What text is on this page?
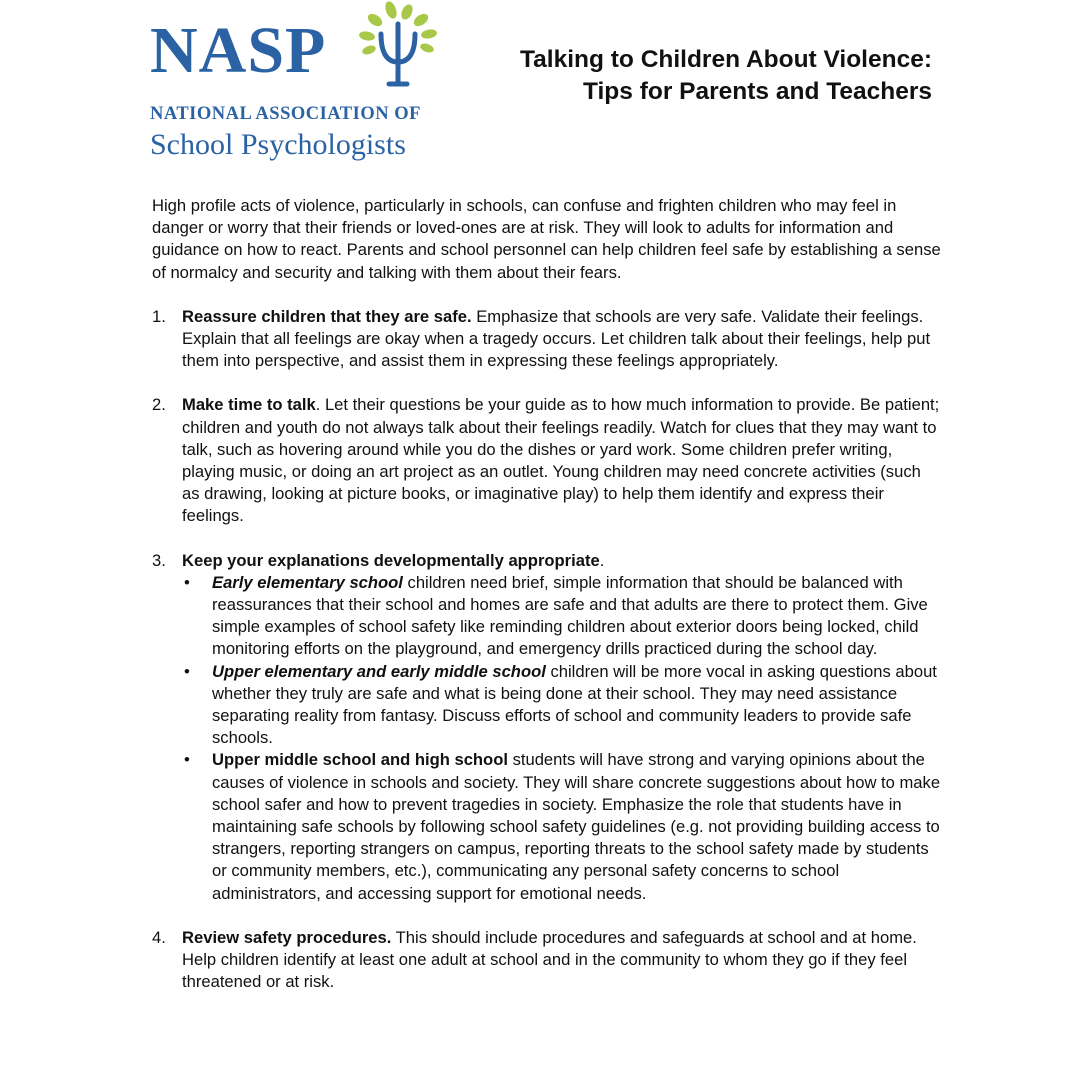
NASP
NATIONAL ASSOCIATION OF
School Psychologists
Talking to Children About Violence:
Tips for Parents and Teachers

High profile acts of violence, particularly in schools, can confuse and frighten children who may feel in danger or worry that their friends or loved-ones are at risk. They will look to adults for information and guidance on how to react. Parents and school personnel can help children feel safe by establishing a sense of normalcy and security and talking with them about their fears.

1. Reassure children that they are safe. Emphasize that schools are very safe. Validate their feelings. Explain that all feelings are okay when a tragedy occurs. Let children talk about their feelings, help put them into perspective, and assist them in expressing these feelings appropriately.
2. Make time to talk. Let their questions be your guide as to how much information to provide. Be patient; children and youth do not always talk about their feelings readily. Watch for clues that they may want to talk, such as hovering around while you do the dishes or yard work. Some children prefer writing, playing music, or doing an art project as an outlet. Young children may need concrete activities (such as drawing, looking at picture books, or imaginative play) to help them identify and express their feelings.
3. Keep your explanations developmentally appropriate.
• Early elementary school children need brief, simple information that should be balanced with reassurances that their school and homes are safe and that adults are there to protect them. Give simple examples of school safety like reminding children about exterior doors being locked, child monitoring efforts on the playground, and emergency drills practiced during the school day.
• Upper elementary and early middle school children will be more vocal in asking questions about whether they truly are safe and what is being done at their school. They may need assistance separating reality from fantasy. Discuss efforts of school and community leaders to provide safe schools.
• Upper middle school and high school students will have strong and varying opinions about the causes of violence in schools and society. They will share concrete suggestions about how to make school safer and how to prevent tragedies in society. Emphasize the role that students have in maintaining safe schools by following school safety guidelines (e.g. not providing building access to strangers, reporting strangers on campus, reporting threats to the school safety made by students or community members, etc.), communicating any personal safety concerns to school administrators, and accessing support for emotional needs.
4. Review safety procedures. This should include procedures and safeguards at school and at home. Help children identify at least one adult at school and in the community to whom they go if they feel threatened or at risk.
